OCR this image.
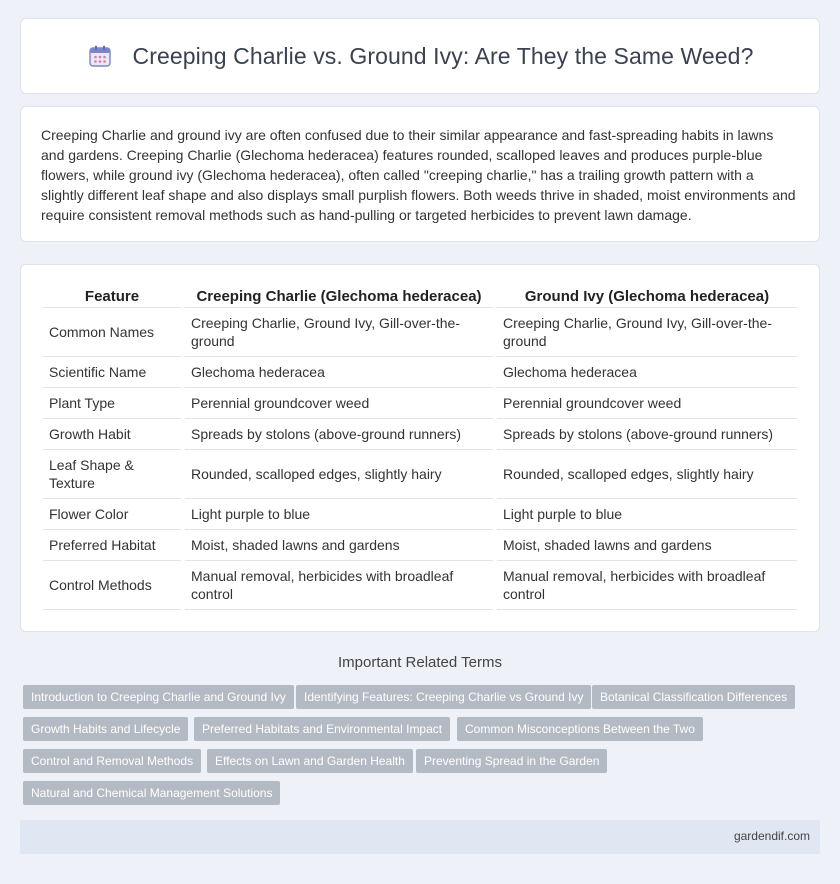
Creeping Charlie vs. Ground Ivy: Are They the Same Weed?

Creeping Charlie and ground ivy are often confused due to their similar appearance and fast-spreading habits in lawns and gardens. Creeping Charlie (Glechoma hederacea) features rounded, scalloped leaves and produces purple-blue flowers, while ground ivy (Glechoma hederacea), often called "creeping charlie," has a trailing growth pattern with a slightly different leaf shape and also displays small purplish flowers. Both weeds thrive in shaded, moist environments and require consistent removal methods such as hand-pulling or targeted herbicides to prevent lawn damage.

Feature	Creeping Charlie (Glechoma hederacea)	Ground Ivy (Glechoma hederacea)
Common Names	Creeping Charlie, Ground Ivy, Gill-over-the-ground	Creeping Charlie, Ground Ivy, Gill-over-the-ground
Scientific Name	Glechoma hederacea	Glechoma hederacea
Plant Type	Perennial groundcover weed	Perennial groundcover weed
Growth Habit	Spreads by stolons (above-ground runners)	Spreads by stolons (above-ground runners)
Leaf Shape & Texture	Rounded, scalloped edges, slightly hairy	Rounded, scalloped edges, slightly hairy
Flower Color	Light purple to blue	Light purple to blue
Preferred Habitat	Moist, shaded lawns and gardens	Moist, shaded lawns and gardens
Control Methods	Manual removal, herbicides with broadleaf control	Manual removal, herbicides with broadleaf control
Important Related Terms
Introduction to Creeping Charlie and Ground Ivy	Identifying Features: Creeping Charlie vs Ground Ivy	Botanical Classification Differences
Growth Habits and Lifecycle	Preferred Habitats and Environmental Impact	Common Misconceptions Between the Two
Control and Removal Methods	Effects on Lawn and Garden Health	Preventing Spread in the Garden
Natural and Chemical Management Solutions
gardendif.com
